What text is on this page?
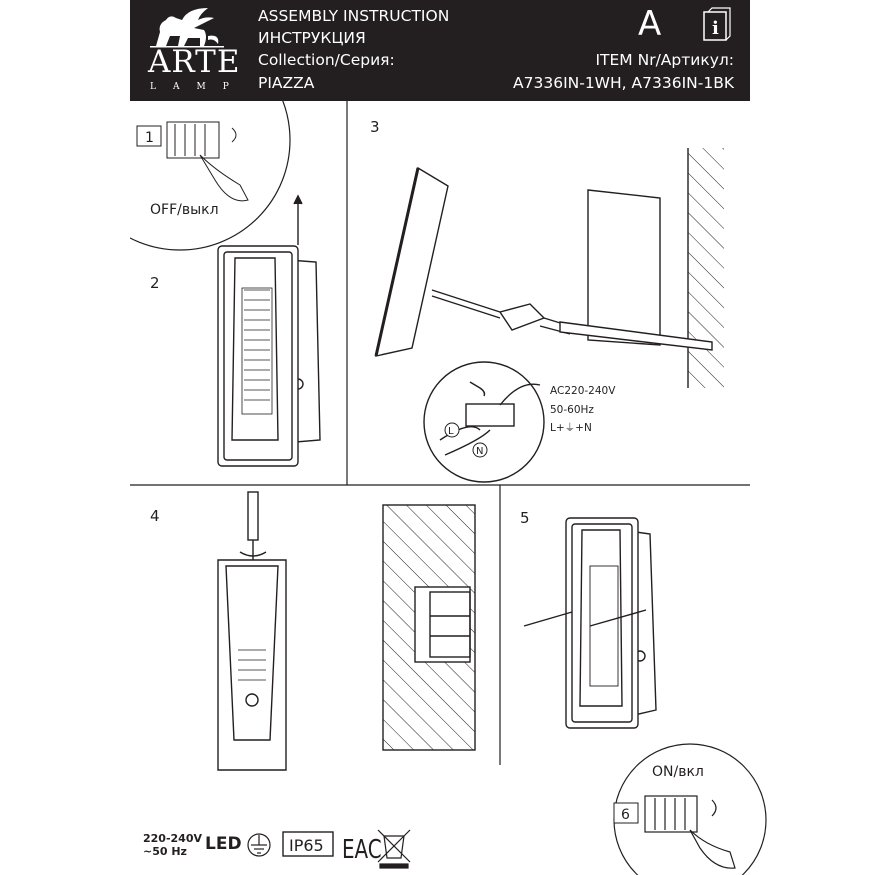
ARTE
LAMP
ASSEMBLY INSTRUCTION
ИНСТРУКЦИЯ
Collection/Серия:
PIAZZA
A	i
ITEM Nr/Артикул:
A7336IN-1WH, A7336IN-1BK
1
OFF/выкл
2
3
L
N
AC220-240V
50-60Hz
L+⏚+N
4	5
6
ON/вкл
IP65 EAC
220-240V
~50 Hz LED
